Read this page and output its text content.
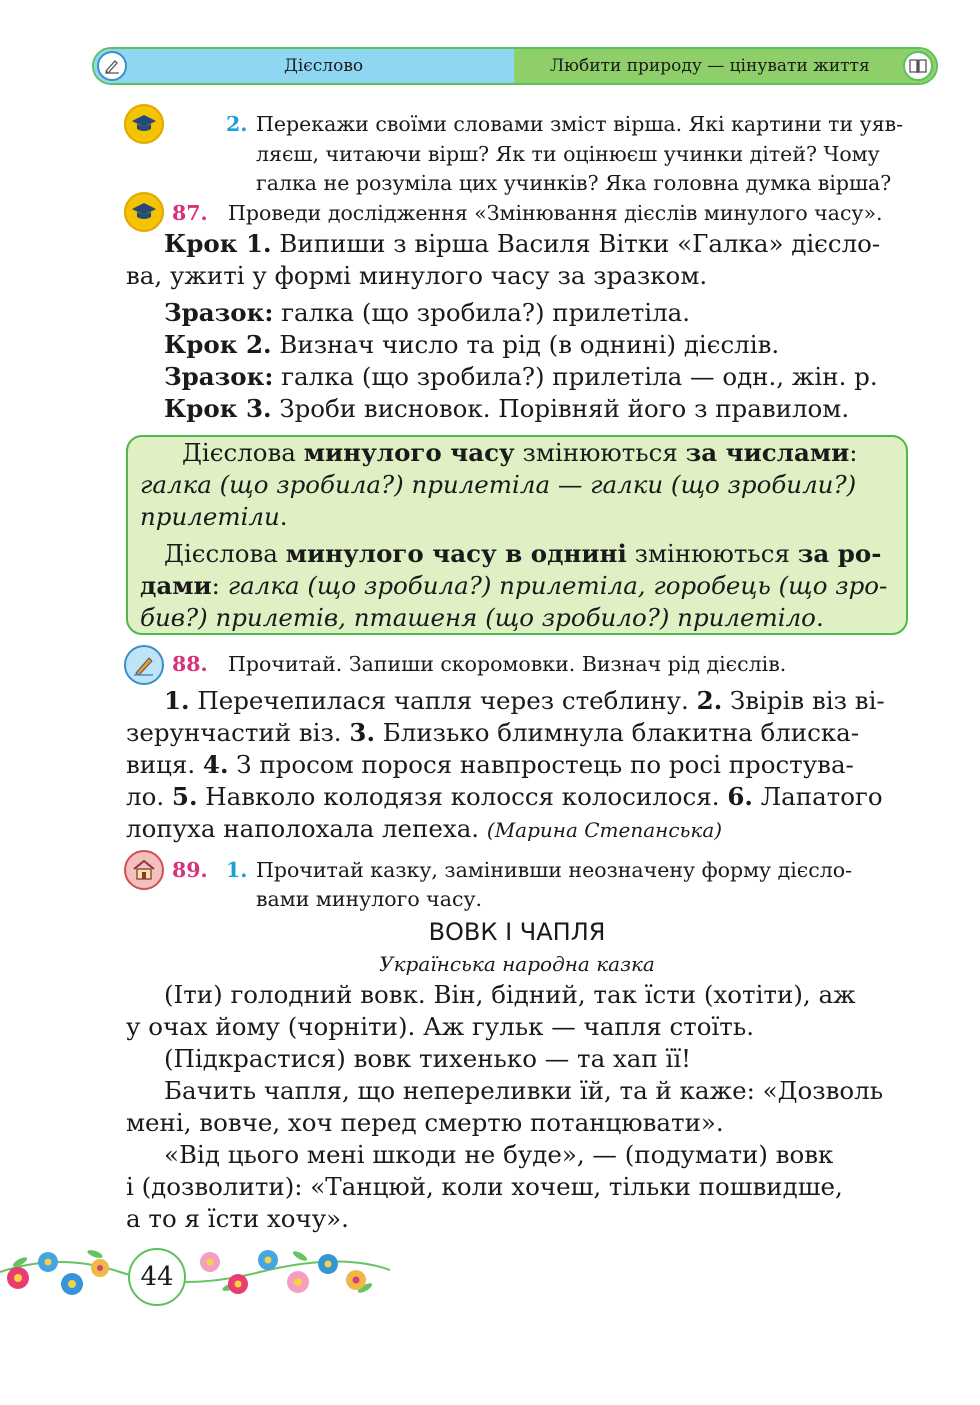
Дієслово	Любити природу — цінувати життя
2. Перекажи своїми словами зміст вірша. Які картини ти уяв-
ляєш, читаючи вірш? Як ти оцінюєш учинки дітей? Чому
галка не розуміла цих учинків? Яка головна думка вірша?
87. Проведи дослідження «Змінювання дієслів минулого часу».
Крок 1. Випиши з вірша Василя Вітки «Галка» дієсло-
ва, ужиті у формі минулого часу за зразком.
Зразок: галка (що зробила?) прилетіла.
Крок 2. Визнач число та рід (в однині) дієслів.
Зразок: галка (що зробила?) прилетіла — одн., жін. р.
Крок 3. Зроби висновок. Порівняй його з правилом.
Дієслова минулого часу змінюються за числами:
галка (що зробила?) прилетіла — галки (що зробили?)
прилетіли.
Дієслова минулого часу в однині змінюються за ро-
дами: галка (що зробила?) прилетіла, горобець (що зро-
бив?) прилетів, пташеня (що зробило?) прилетіло.
88. Прочитай. Запиши скоромовки. Визнач рід дієслів.
1. Перечепилася чапля через стеблину. 2. Звірів віз ві-
зерунчастий віз. 3. Близько блимнула блакитна блиска-
виця. 4. З просом порося навпростець по росі простува-
ло. 5. Навколо колодязя колосся колосилося. 6. Лапатого
лопуха наполохала лепеха. (Марина Степанська)
89. 1. Прочитай казку, замінивши неозначену форму дієсло-
вами минулого часу.
ВОВК І ЧАПЛЯ
Українська народна казка
(Іти) голодний вовк. Він, бідний, так їсти (хотіти), аж
у очах йому (чорніти). Аж гульк — чапля стоїть.
(Підкрастися) вовк тихенько — та хап її!
Бачить чапля, що непереливки їй, та й каже: «Дозволь
мені, вовче, хоч перед смертю потанцювати».
«Від цього мені шкоди не буде», — (подумати) вовк
і (дозволити): «Танцюй, коли хочеш, тільки пошвидше,
а то я їсти хочу».
44
